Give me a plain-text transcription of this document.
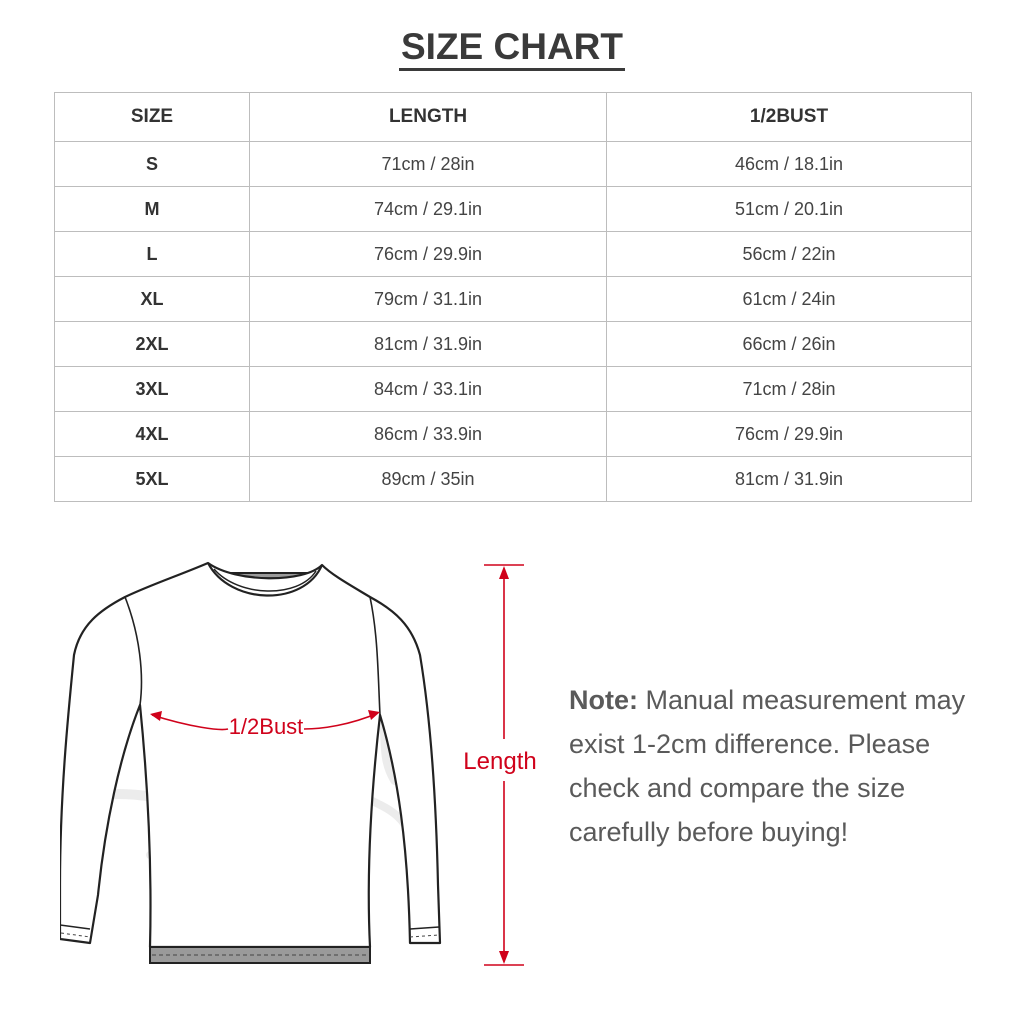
SIZE CHART
SIZE	LENGTH	1/2BUST
S	71cm / 28in	46cm / 18.1in
M	74cm / 29.1in	51cm / 20.1in
L	76cm / 29.9in	56cm / 22in
XL	79cm / 31.1in	61cm / 24in
2XL	81cm / 31.9in	66cm / 26in
3XL	84cm / 33.1in	71cm / 28in
4XL	86cm / 33.9in	76cm / 29.9in
5XL	89cm / 35in	81cm / 31.9in
1/2Bust
Length
Note: Manual measurement may exist 1-2cm difference. Please check and compare the size carefully before buying!
